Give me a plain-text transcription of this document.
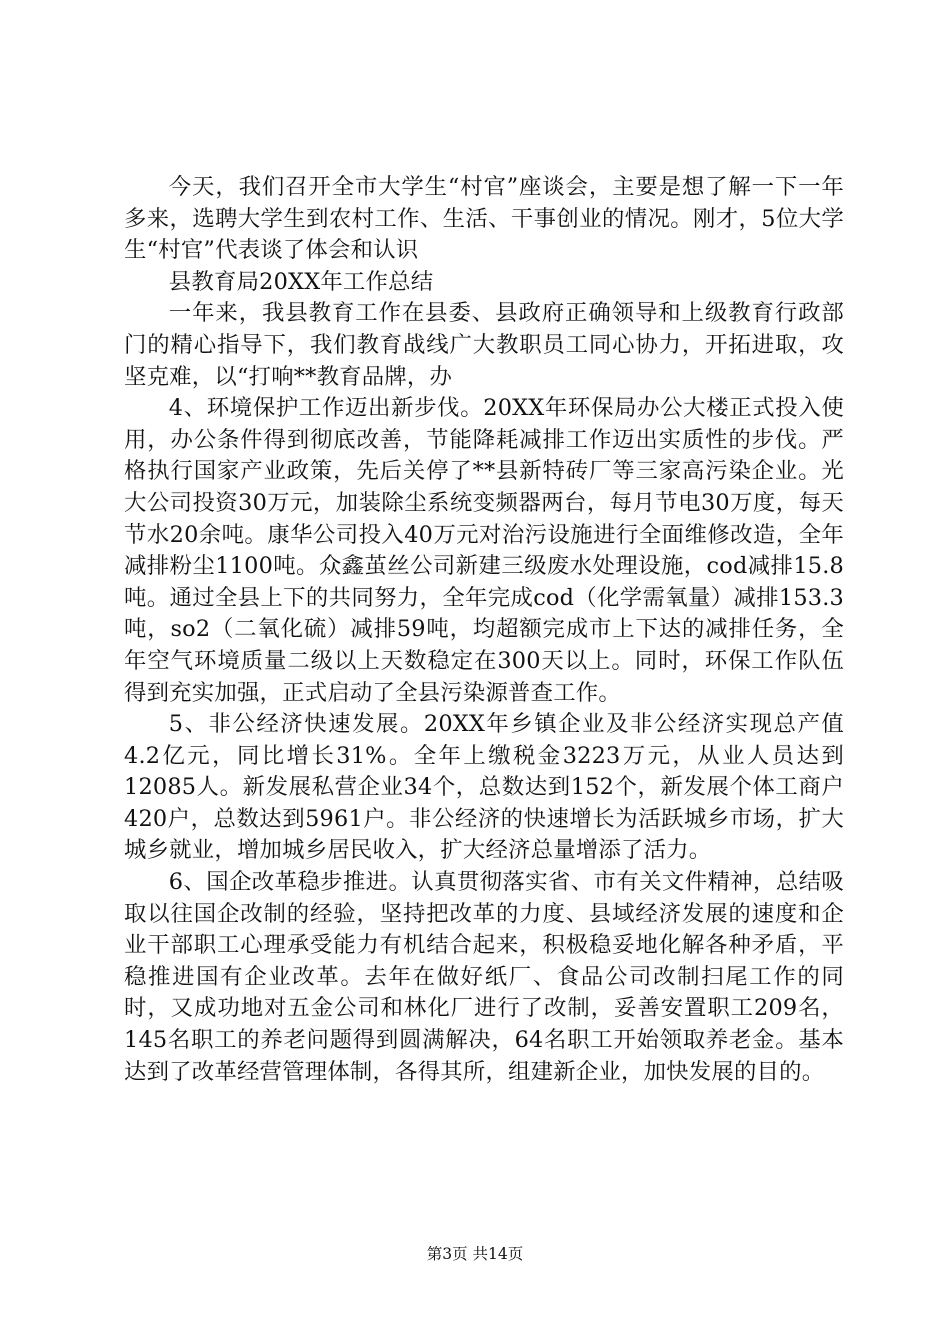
今天，我们召开全市大学生“村官”座谈会，主要是想了解一下一年多来，选聘大学生到农村工作、生活、干事创业的情况。刚才，5位大学生“村官”代表谈了体会和认识

县教育局20XX年工作总结

一年来，我县教育工作在县委、县政府正确领导和上级教育行政部门的精心指导下，我们教育战线广大教职员工同心协力，开拓进取，攻坚克难，以“打响**教育品牌，办

4、环境保护工作迈出新步伐。20XX年环保局办公大楼正式投入使用，办公条件得到彻底改善，节能降耗减排工作迈出实质性的步伐。严格执行国家产业政策，先后关停了**县新特砖厂等三家高污染企业。光大公司投资30万元，加装除尘系统变频器两台，每月节电30万度，每天节水20余吨。康华公司投入40万元对治污设施进行全面维修改造，全年减排粉尘1100吨。众鑫茧丝公司新建三级废水处理设施，cod减排15.8吨。通过全县上下的共同努力，全年完成cod（化学需氧量）减排153.3吨，so2（二氧化硫）减排59吨，均超额完成市上下达的减排任务，全年空气环境质量二级以上天数稳定在300天以上。同时，环保工作队伍得到充实加强，正式启动了全县污染源普查工作。

5、非公经济快速发展。20XX年乡镇企业及非公经济实现总产值4.2亿元，同比增长31%。全年上缴税金3223万元，从业人员达到12085人。新发展私营企业34个，总数达到152个，新发展个体工商户420户，总数达到5961户。非公经济的快速增长为活跃城乡市场，扩大城乡就业，增加城乡居民收入，扩大经济总量增添了活力。

6、国企改革稳步推进。认真贯彻落实省、市有关文件精神，总结吸取以往国企改制的经验，坚持把改革的力度、县域经济发展的速度和企业干部职工心理承受能力有机结合起来，积极稳妥地化解各种矛盾，平稳推进国有企业改革。去年在做好纸厂、食品公司改制扫尾工作的同时，又成功地对五金公司和林化厂进行了改制，妥善安置职工209名，145名职工的养老问题得到圆满解决，64名职工开始领取养老金。基本达到了改革经营管理体制，各得其所，组建新企业，加快发展的目的。

第3页 共14页
